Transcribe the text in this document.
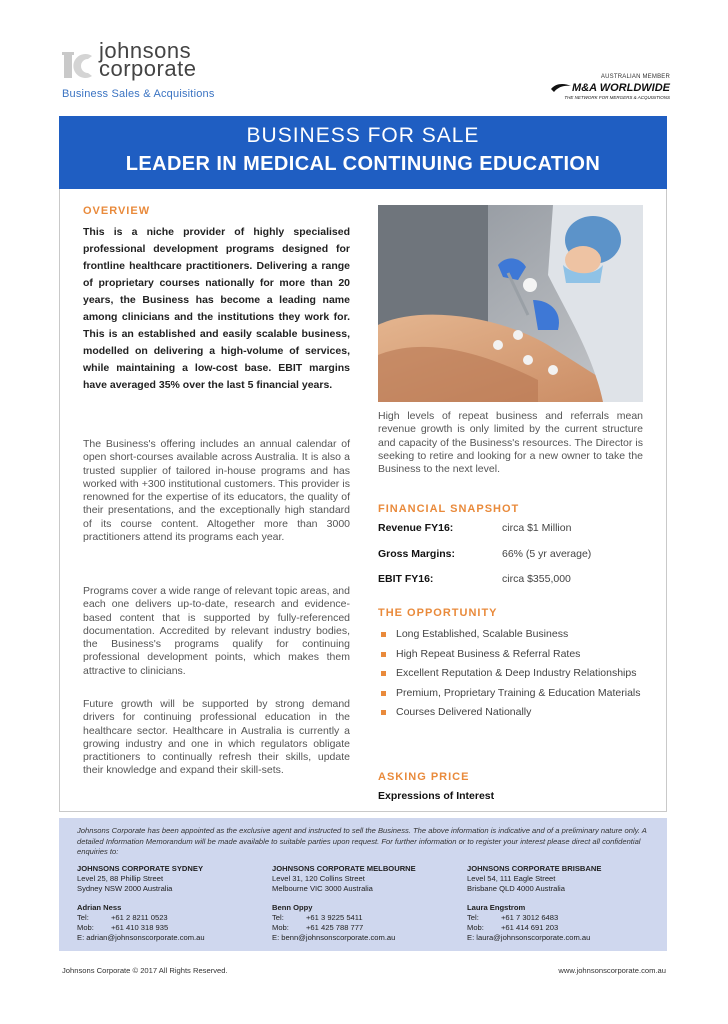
johnsons
corporate
Business Sales & Acquisitions
AUSTRALIAN MEMBER
M&A WORLDWIDE
THE NETWORK FOR MERGERS & ACQUISITIONS
BUSINESS FOR SALE
LEADER IN MEDICAL CONTINUING EDUCATION
OVERVIEW
This is a niche provider of highly specialised professional development programs designed for frontline healthcare practitioners. Delivering a range of proprietary courses nationally for more than 20 years, the Business has become a leading name among clinicians and the institutions they work for. This is an established and easily scalable business, modelled on delivering a high-volume of services, while maintaining a low-cost base. EBIT margins have averaged 35% over the last 5 financial years.
The Business's offering includes an annual calendar of open short-courses available across Australia. It is also a trusted supplier of tailored in-house programs and has worked with +300 institutional customers. This provider is renowned for the expertise of its educators, the quality of their presentations, and the exceptionally high standard of its course content. Altogether more than 3000 practitioners attend its programs each year.
Programs cover a wide range of relevant topic areas, and each one delivers up-to-date, research and evidence-based content that is supported by fully-referenced documentation. Accredited by relevant industry bodies, the Business's programs qualify for continuing professional development points, which makes them attractive to clinicians.
Future growth will be supported by strong demand drivers for continuing professional education in the healthcare sector. Healthcare in Australia is currently a growing industry and one in which regulators obligate practitioners to continually refresh their skills, update their knowledge and expand their skill-sets.
High levels of repeat business and referrals mean revenue growth is only limited by the current structure and capacity of the Business's resources. The Director is seeking to retire and looking for a new owner to take the Business to the next level.
FINANCIAL SNAPSHOT
Revenue FY16:	circa $1 Million
Gross Margins:	66% (5 yr average)
EBIT FY16:	circa $355,000
THE OPPORTUNITY
Long Established, Scalable Business
High Repeat Business & Referral Rates
Excellent Reputation & Deep Industry Relationships
Premium, Proprietary Training & Education Materials
Courses Delivered Nationally
ASKING PRICE
Expressions of Interest
Johnsons Corporate has been appointed as the exclusive agent and instructed to sell the Business. The above information is indicative and of a preliminary nature only. A detailed Information Memorandum will be made available to suitable parties upon request. For further information or to register your interest please direct all confidential enquiries to:
JOHNSONS CORPORATE SYDNEY
Level 25, 88 Phillip Street
Sydney NSW 2000 Australia
Adrian Ness
Tel:	+61 2 8211 0523
Mob: +61 410 318 935
E: adrian@johnsonscorporate.com.au
JOHNSONS CORPORATE MELBOURNE
Level 31, 120 Collins Street
Melbourne VIC 3000 Australia
Benn Oppy
Tel:	+61 3 9225 5411
Mob: +61 425 788 777
E: benn@johnsonscorporate.com.au
JOHNSONS CORPORATE BRISBANE
Level 54, 111 Eagle Street
Brisbane QLD 4000 Australia
Laura Engstrom
Tel:	+61 7 3012 6483
Mob: +61 414 691 203
E: laura@johnsonscorporate.com.au
Johnsons Corporate © 2017 All Rights Reserved.	www.johnsonscorporate.com.au
